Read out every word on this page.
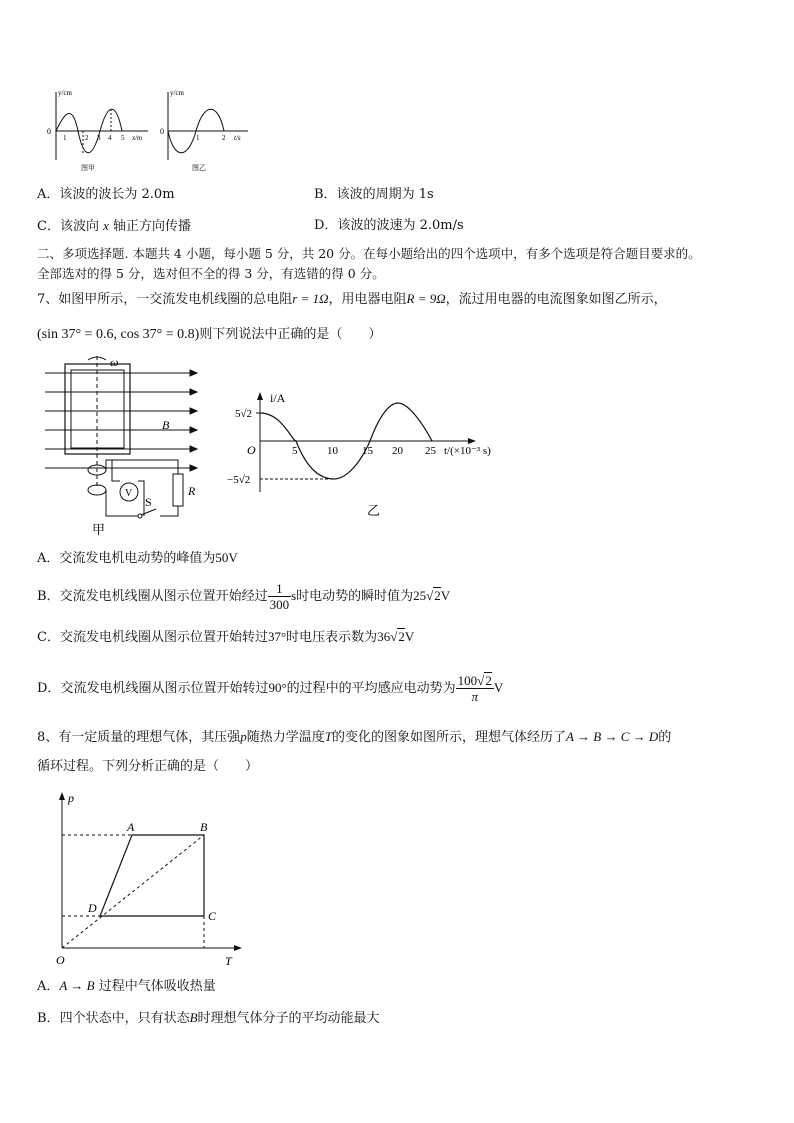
y/cm
0
1	2 3 4 5 x/m
图甲
y/cm
0
1	2 t/s
图乙
A．该波的波长为 2.0m	B．该波的周期为 1s
C．该波向 x 轴正方向传播	D．该波的波速为 2.0m/s
二、多项选择题. 本题共 4 小题，每小题 5 分，共 20 分。在每小题给出的四个选项中，有多个选项是符合题目要求的。
全部选对的得 5 分，选对但不全的得 3 分，有选错的得 0 分。
7、如图甲所示，一交流发电机线圈的总电阻r = 1Ω，用电器电阻R = 9Ω，流过用电器的电流图象如图乙所示，
(sin 37° = 0.6, cos 37° = 0.8)则下列说法中正确的是（　　）
ω
B
V	R
S
甲
i/A
5√2
−5√2
O	5	10 15 20 25 t/(×10⁻³ s)
乙
A．交流发电机电动势的峰值为50V
B．交流发电机线圈从图示位置开始经过 $\frac{1}{300}$ s时电动势的瞬时值为25√2V
C．交流发电机线圈从图示位置开始转过37°时电压表示数为36√2V
D．交流发电机线圈从图示位置开始转过90°的过程中的平均感应电动势为 $\frac{100√2}{\pi}$ V
8、有一定质量的理想气体，其压强p随热力学温度T的变化的图象如图所示，理想气体经历了A → B → C → D的
循环过程。下列分析正确的是（　　）
p
T
O
A	B
C
D
A．A → B 过程中气体吸收热量
B．四个状态中，只有状态B时理想气体分子的平均动能最大
